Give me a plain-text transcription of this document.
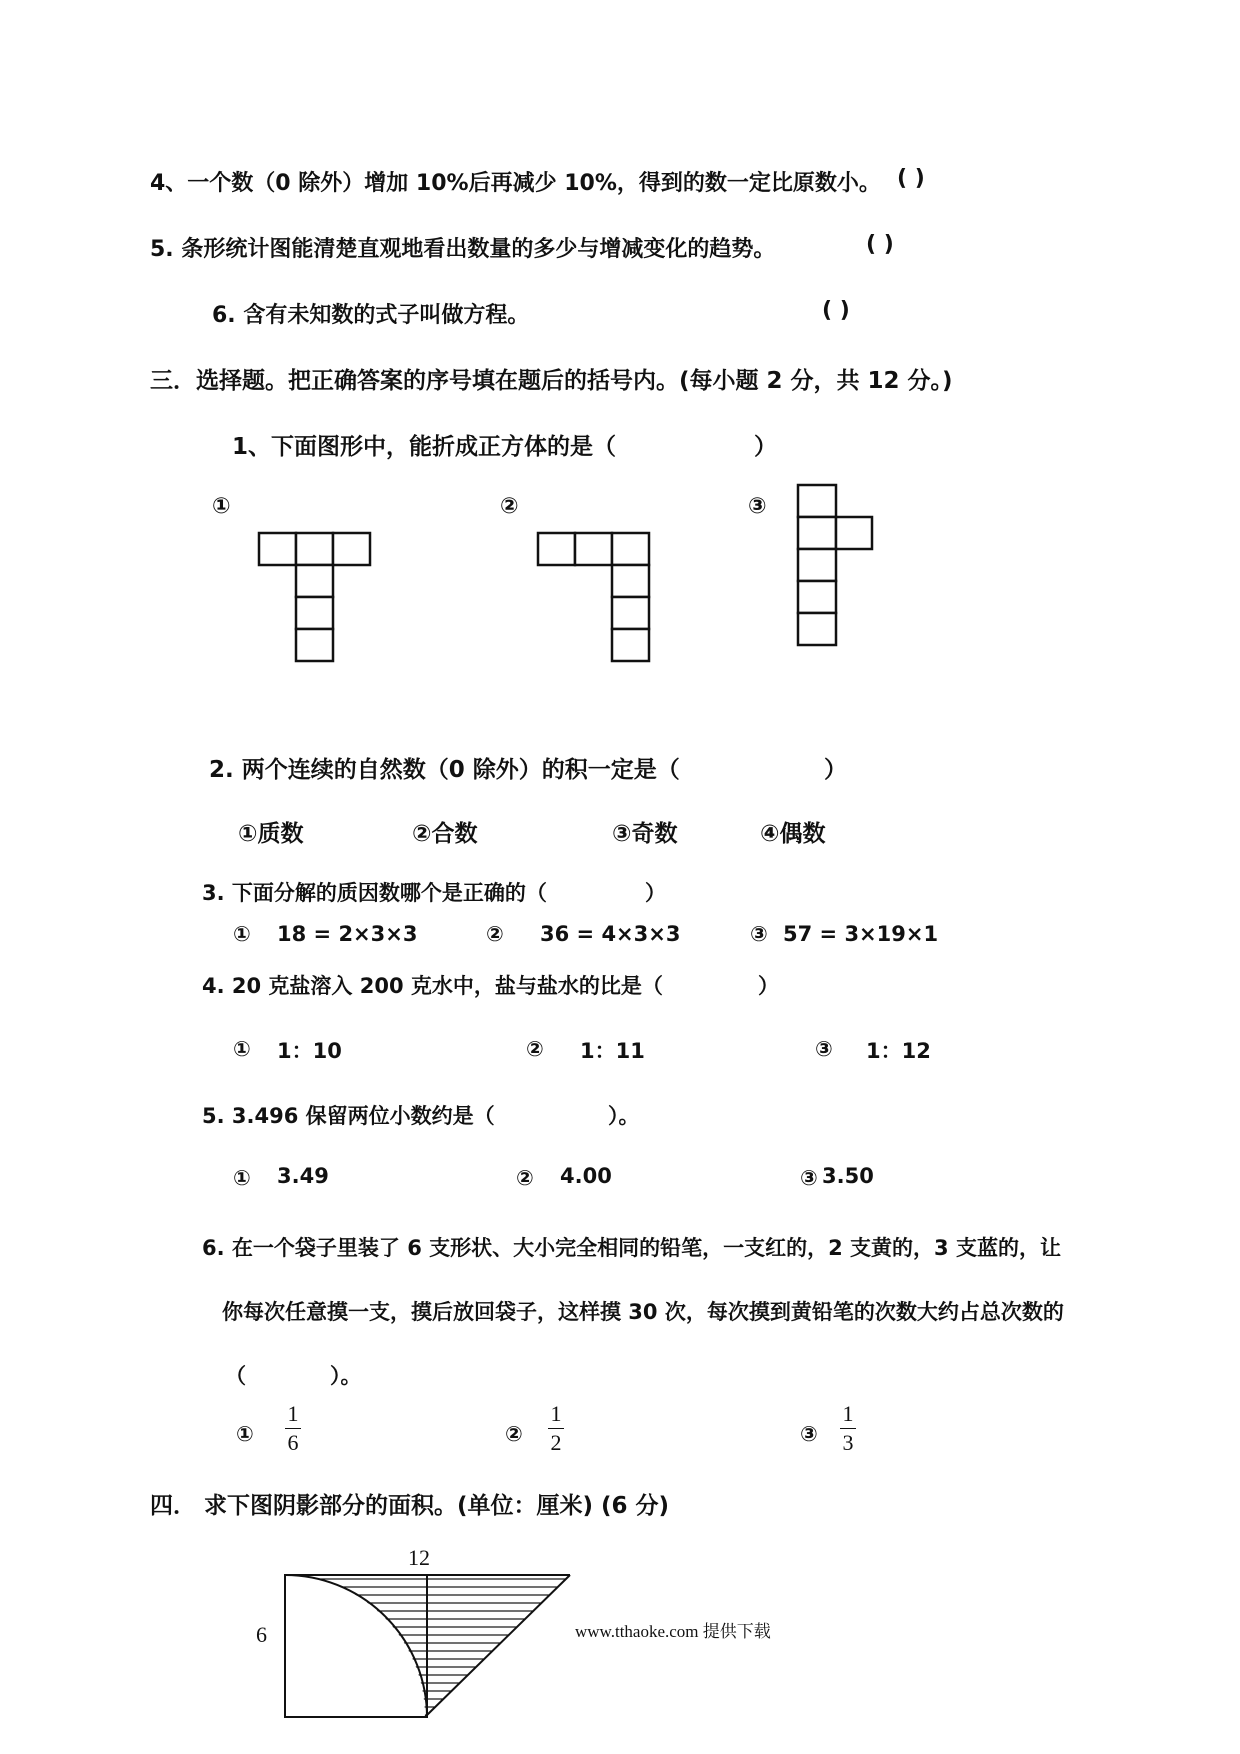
4、一个数（0 除外）增加 10%后再减少 10%，得到的数一定比原数小。 ( )
5. 条形统计图能清楚直观地看出数量的多少与增减变化的趋势。	( )
6. 含有未知数的式子叫做方程。	( )
三．选择题。把正确答案的序号填在题后的括号内。(每小题 2 分，共 12 分。)
1、下面图形中，能折成正方体的是（	）
①	②	③
2. 两个连续的自然数（0 除外）的积一定是（	）
①质数	②合数	③奇数	④偶数
3. 下面分解的质因数哪个是正确的（	）
① 18 = 2×3×3	② 36 = 4×3×3	③ 57 = 3×19×1
4. 20 克盐溶入 200 克水中，盐与盐水的比是（	）
① 1：10	② 1：11	③ 1：12
5. 3.496 保留两位小数约是（	）。
① 3.49	② 4.00	③ 3.50
6. 在一个袋子里装了 6 支形状、大小完全相同的铅笔，一支红的，2 支黄的，3 支蓝的，让
你每次任意摸一支，摸后放回袋子，这样摸 30 次，每次摸到黄铅笔的次数大约占总次数的
（	）。
①
1
6	②
1
2	③
1
3
四． 求下图阴影部分的面积。(单位：厘米) (6 分)
12
6	www.tthaoke.com 提供下载
